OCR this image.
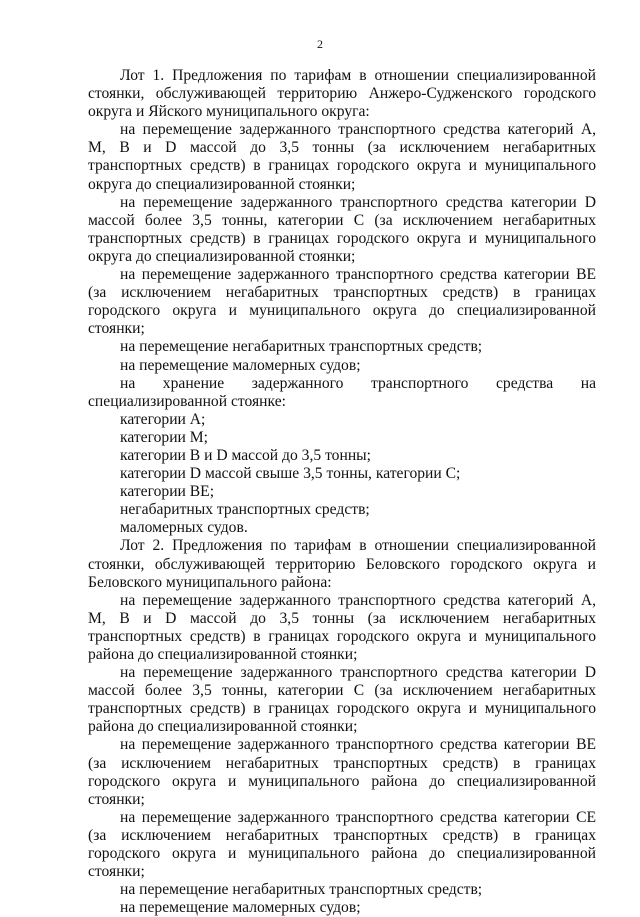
2

Лот 1. Предложения по тарифам в отношении специализированной стоянки, обслуживающей территорию Анжеро-Судженского городского округа и Яйского муниципального округа:

на перемещение задержанного транспортного средства категорий A, M, B и D массой до 3,5 тонны (за исключением негабаритных транспортных средств) в границах городского округа и муниципального округа до специализированной стоянки;

на перемещение задержанного транспортного средства категории D массой более 3,5 тонны, категории C (за исключением негабаритных транспортных средств) в границах городского округа и муниципального округа до специализированной стоянки;

на перемещение задержанного транспортного средства категории BE (за исключением негабаритных транспортных средств) в границах городского округа и муниципального округа до специализированной стоянки;

на перемещение негабаритных транспортных средств;

на перемещение маломерных судов;

на хранение задержанного транспортного средства на специализированной стоянке:

категории A;

категории M;

категории B и D массой до 3,5 тонны;

категории D массой свыше 3,5 тонны, категории C;

категории BE;

негабаритных транспортных средств;

маломерных судов.

Лот 2. Предложения по тарифам в отношении специализированной стоянки, обслуживающей территорию Беловского городского округа и Беловского муниципального района:

на перемещение задержанного транспортного средства категорий A, M, B и D массой до 3,5 тонны (за исключением негабаритных транспортных средств) в границах городского округа и муниципального района до специализированной стоянки;

на перемещение задержанного транспортного средства категории D массой более 3,5 тонны, категории C (за исключением негабаритных транспортных средств) в границах городского округа и муниципального района до специализированной стоянки;

на перемещение задержанного транспортного средства категории BE (за исключением негабаритных транспортных средств) в границах городского округа и муниципального района до специализированной стоянки;

на перемещение задержанного транспортного средства категории CE (за исключением негабаритных транспортных средств) в границах городского округа и муниципального района до специализированной стоянки;

на перемещение негабаритных транспортных средств;

на перемещение маломерных судов;
